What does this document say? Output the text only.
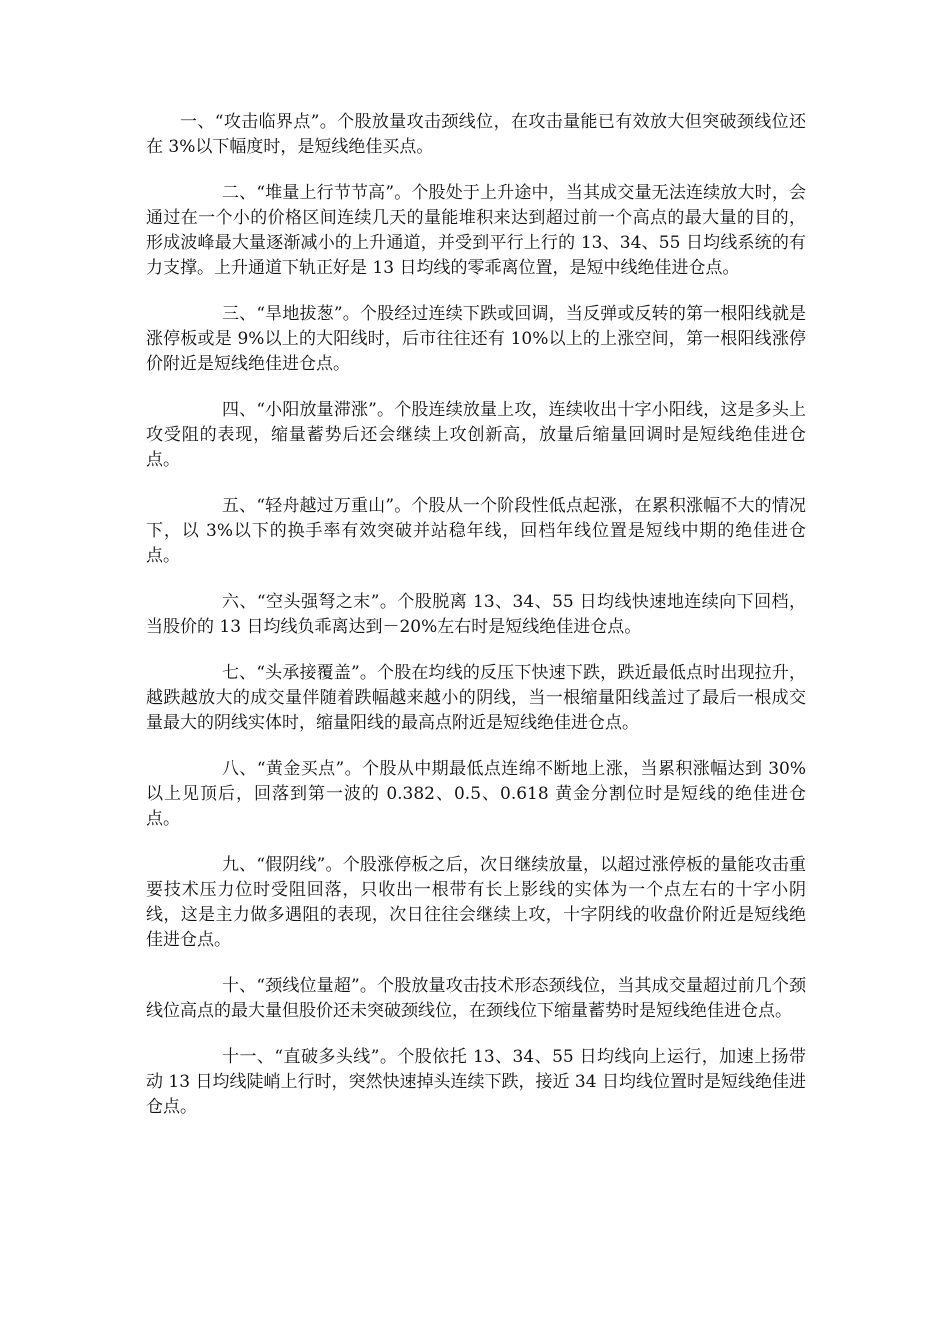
一、“攻击临界点”。个股放量攻击颈线位，在攻击量能已有效放大但突破颈线位还在 3%以下幅度时，是短线绝佳买点。

二、“堆量上行节节高”。个股处于上升途中，当其成交量无法连续放大时，会通过在一个小的价格区间连续几天的量能堆积来达到超过前一个高点的最大量的目的，形成波峰最大量逐渐减小的上升通道，并受到平行上行的 13、34、55 日均线系统的有力支撑。上升通道下轨正好是 13 日均线的零乖离位置，是短中线绝佳进仓点。

三、“旱地拔葱”。个股经过连续下跌或回调，当反弹或反转的第一根阳线就是涨停板或是 9%以上的大阳线时，后市往往还有 10%以上的上涨空间，第一根阳线涨停价附近是短线绝佳进仓点。

四、“小阳放量滞涨”。个股连续放量上攻，连续收出十字小阳线，这是多头上攻受阻的表现，缩量蓄势后还会继续上攻创新高，放量后缩量回调时是短线绝佳进仓点。

五、“轻舟越过万重山”。个股从一个阶段性低点起涨，在累积涨幅不大的情况下，以 3%以下的换手率有效突破并站稳年线，回档年线位置是短线中期的绝佳进仓点。

六、“空头强弩之末”。个股脱离 13、34、55 日均线快速地连续向下回档，当股价的 13 日均线负乖离达到－20%左右时是短线绝佳进仓点。

七、“头承接覆盖”。个股在均线的反压下快速下跌，跌近最低点时出现拉升，越跌越放大的成交量伴随着跌幅越来越小的阴线，当一根缩量阳线盖过了最后一根成交量最大的阴线实体时，缩量阳线的最高点附近是短线绝佳进仓点。

八、“黄金买点”。个股从中期最低点连绵不断地上涨，当累积涨幅达到 30%以上见顶后，回落到第一波的 0.382、0.5、0.618 黄金分割位时是短线的绝佳进仓点。

九、“假阴线”。个股涨停板之后，次日继续放量，以超过涨停板的量能攻击重要技术压力位时受阻回落，只收出一根带有长上影线的实体为一个点左右的十字小阴线，这是主力做多遇阻的表现，次日往往会继续上攻，十字阴线的收盘价附近是短线绝佳进仓点。

十、“颈线位量超”。个股放量攻击技术形态颈线位，当其成交量超过前几个颈线位高点的最大量但股价还未突破颈线位，在颈线位下缩量蓄势时是短线绝佳进仓点。

十一、“直破多头线”。个股依托 13、34、55 日均线向上运行，加速上扬带动 13 日均线陡峭上行时，突然快速掉头连续下跌，接近 34 日均线位置时是短线绝佳进仓点。
